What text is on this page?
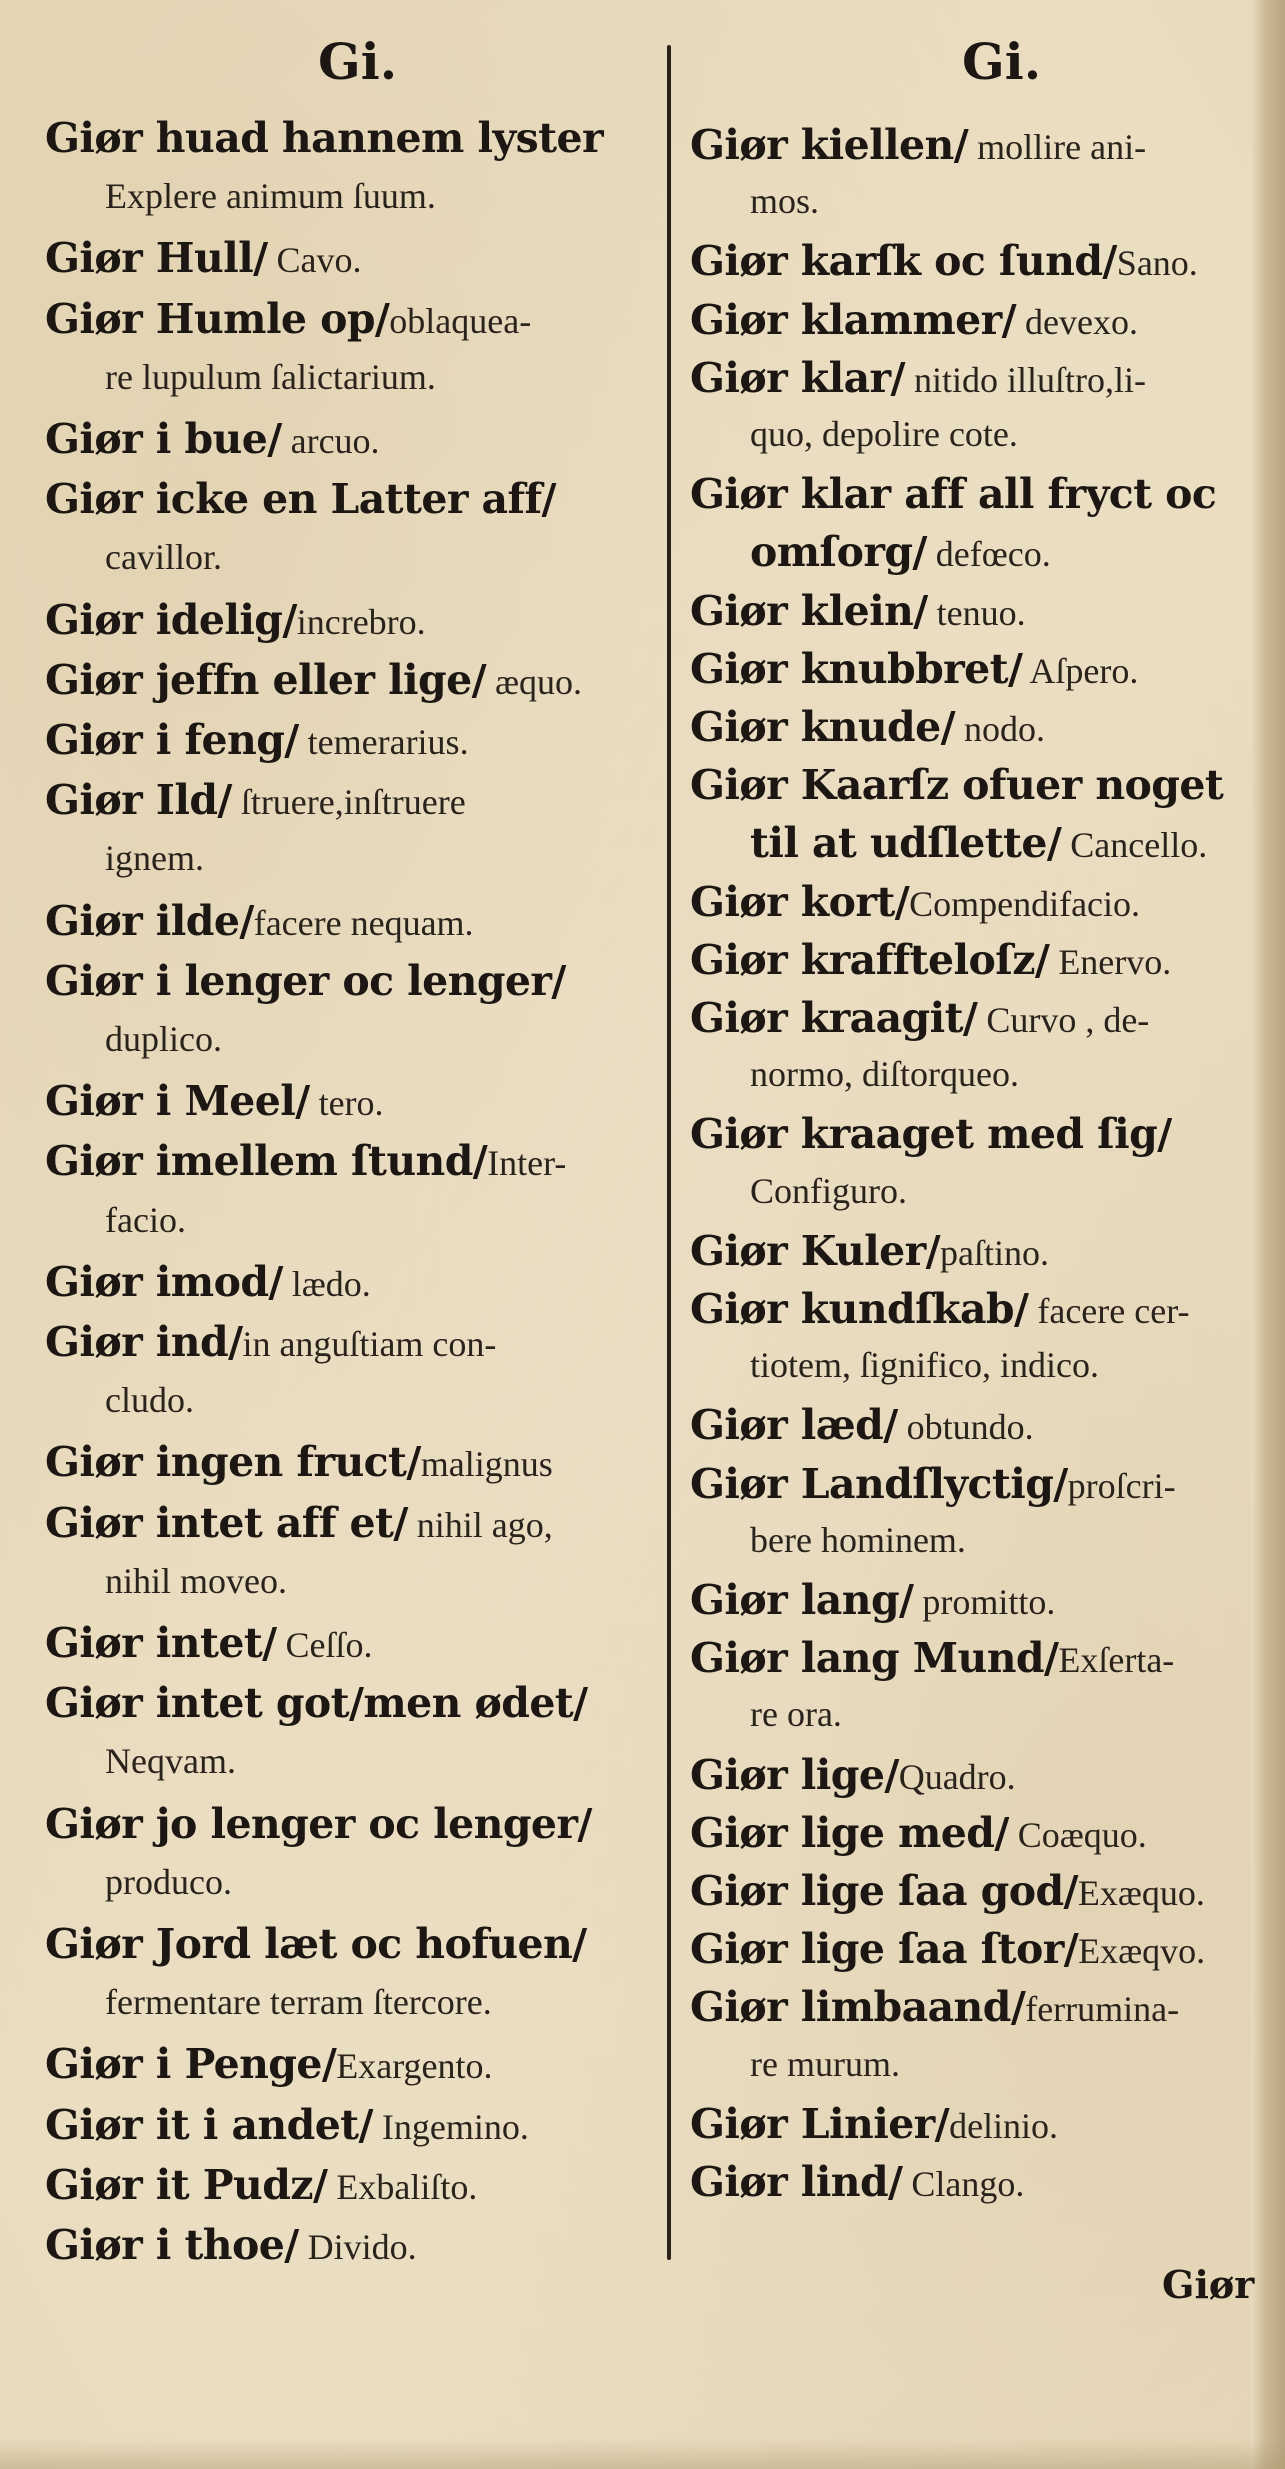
Gi.	Gi.
Giør huad hannem lyster
Explere animum ſuum.
Giør Hull/ Cavo.
Giør Humle op/oblaquea-
re lupulum ſalictarium.
Giør i bue/ arcuo.
Giør icke en Latter aff/
cavillor.
Giør idelig/increbro.
Giør jeffn eller lige/ æquo.
Giør i feng/ temerarius.
Giør Ild/ ſtruere,inſtruere
ignem.
Giør ilde/facere nequam.
Giør i lenger oc lenger/
duplico.
Giør i Meel/ tero.
Giør imellem ſtund/Inter-
facio.
Giør imod/ lædo.
Giør ind/in anguſtiam con-
cludo.
Giør ingen fruct/malignus
Giør intet aff et/ nihil ago,
nihil moveo.
Giør intet/ Ceſſo.
Giør intet got/men ødet/
Neqvam.
Giør jo lenger oc lenger/
produco.
Giør Jord læt oc hofuen/
fermentare terram ſtercore.
Giør i Penge/Exargento.
Giør it i andet/ Ingemino.
Giør it Pudz/ Exbaliſto.
Giør i thoe/ Divido.
Giør kiellen/ mollire ani-
mos.
Giør karſk oc ſund/Sano.
Giør klammer/ devexo.
Giør klar/ nitido illuſtro,li-
quo, depolire cote.
Giør klar aff all fryct oc
omſorg/ defœco.
Giør klein/ tenuo.
Giør knubbret/ Aſpero.
Giør knude/ nodo.
Giør Kaarſz ofuer noget
til at udſlette/ Cancello.
Giør kort/Compendifacio.
Giør kraffteloſz/ Enervo.
Giør kraagit/ Curvo , de-
normo, diſtorqueo.
Giør kraaget med ſig/
Configuro.
Giør Kuler/paſtino.
Giør kundſkab/ facere cer-
tiotem, ſignifico, indico.
Giør læd/ obtundo.
Giør Landſlyctig/proſcri-
bere hominem.
Giør lang/ promitto.
Giør lang Mund/Exſerta-
re ora.
Giør lige/Quadro.
Giør lige med/ Coæquo.
Giør lige ſaa god/Exæquo.
Giør lige ſaa ſtor/Exæqvo.
Giør limbaand/ferrumina-
re murum.
Giør Linier/delinio.
Giør lind/ Clango.
Giør
